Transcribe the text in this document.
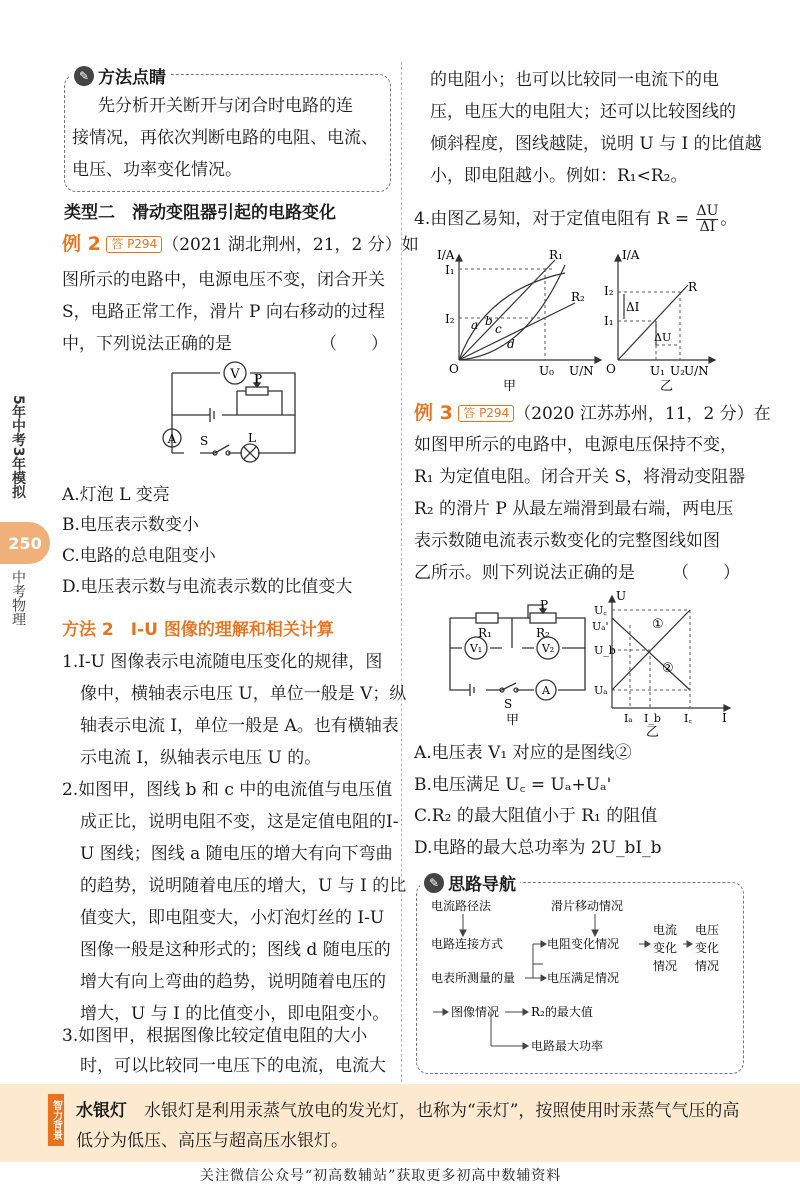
5年中考3年模拟
中考物理
250
✎ 方法点睛
先分析开关断开与闭合时电路的连
接情况，再依次判断电路的电阻、电流、
电压、功率变化情况。
类型二　滑动变阻器引起的电路变化
例 2 答 P294 （2021 湖北荆州，21，2 分）如
图所示的电路中，电源电压不变，闭合开关
S，电路正常工作，滑片 P 向右移动的过程
中，下列说法正确的是	（　　）
V P
A S	L
A.灯泡 L 变亮
B.电压表示数变小
C.电路的总电阻变小
D.电压表示数与电流表示数的比值变大
方法 2　I-U 图像的理解和相关计算
1.I-U 图像表示电流随电压变化的规律，图
像中，横轴表示电压 U，单位一般是 V；纵
轴表示电流 I，单位一般是 A。也有横轴表
示电流 I，纵轴表示电压 U 的。
2.如图甲，图线 b 和 c 中的电流值与电压值
成正比，说明电阻不变，这是定值电阻的I-
U 图线；图线 a 随电压的增大有向下弯曲
的趋势，说明随着电压的增大，U 与 I 的比
值变大，即电阻变大，小灯泡灯丝的 I-U
图像一般是这种形式的；图线 d 随电压的
增大有向上弯曲的趋势，说明随着电压的
增大，U 与 I 的比值变小，即电阻变小。
3.如图甲，根据图像比较定值电阻的大小
时，可以比较同一电压下的电流，电流大
的电阻小；也可以比较同一电流下的电
压，电压大的电阻大；还可以比较图线的
倾斜程度，图线越陡，说明 U 与 I 的比值越
小，即电阻越小。例如：R₁<R₂。
4.由图乙易知，对于定值电阻有 $R = \frac{\Delta U}{\Delta I}$ 。
I/A
U/N
I₁
I₂
U₀
O
R₁
R₂
a b
c
d
甲
I₂
I₁
ΔI
ΔU
R
I/A
U/N
U₁ U₂
O
乙
例 3 答 P294 （2020 江苏苏州，11，2 分）在
如图甲所示的电路中，电源电压保持不变，
R₁ 为定值电阻。闭合开关 S，将滑动变阻器
R₂ 的滑片 P 从最左端滑到最右端，两电压
表示数随电流表示数变化的完整图线如图
乙所示。则下列说法正确的是 （　　）
R₁	R₂
P
V₁	V₂
A
S
甲
U
U꜀
Uₐ'
U_b
Uₐ
Iₐ I_b I꜀ I
①
②
乙
A.电压表 V₁ 对应的是图线②
B.电压满足 U꜀ = Uₐ+Uₐ'
C.R₂ 的最大阻值小于 R₁ 的阻值
D.电路的最大总功率为 2U_bI_b
✎ 思路导航
电流路径法	滑片移动情况
电路连接方式	电阻变化情况
电流
变化
情况
电压
变化
情况
电表所测量的量	电压满足情况
图像情况	R₂的最大值
电路最大功率
智力背景 水银灯　 水银灯是利用汞蒸气放电的发光灯，也称为“汞灯”，按照使用时汞蒸气气压的高
低分为低压、高压与超高压水银灯。
关注微信公众号“初高数辅站”获取更多初高中数辅资料
